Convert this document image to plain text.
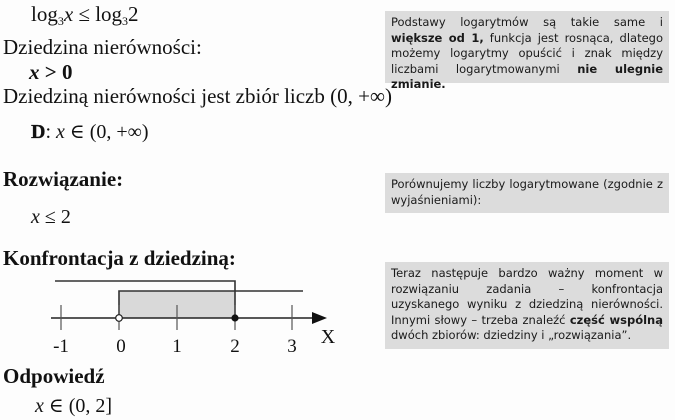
$\log_3x \le \log_32$
Dziedzina nierówności:
x > 0
Dziedziną nierówności jest zbiór liczb (0, +∞)
D: x ∈ (0, +∞)
Rozwiązanie:
x ≤ 2
Konfrontacja z dziedziną:
-1 0 1	2	3 X
Odpowiedź
x ∈ (0, 2]
Podstawy logarytmów są takie same i większe od 1, funkcja jest rosnąca, dlatego możemy logarytmy opuścić i znak między liczbami logarytmowanymi nie ulegnie zmianie.
Porównujemy liczby logarytmowane (zgodnie z wyjaśnieniami):
Teraz następuje bardzo ważny moment w rozwiązaniu zadania – konfrontacja uzyskanego wyniku z dziedziną nierówności. Innymi słowy – trzeba znaleźć część wspólną dwóch zbiorów: dziedziny i „rozwiązania”.
